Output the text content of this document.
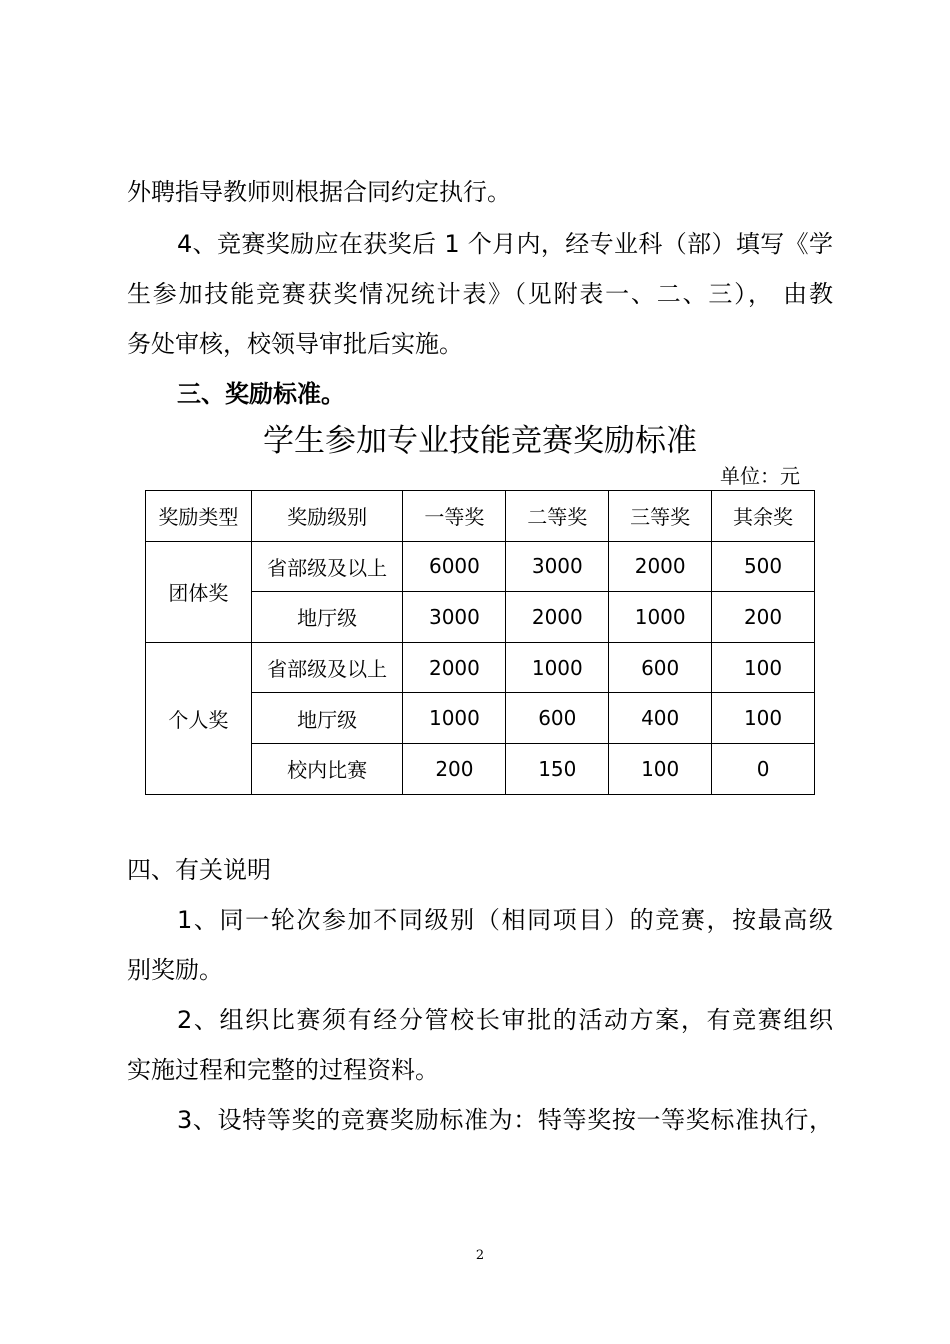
外聘指导教师则根据合同约定执行。
4、竞赛奖励应在获奖后 1 个月内，经专业科（部）填写《学
生参加技能竞赛获奖情况统计表》（见附表一、二、三）， 由教
务处审核，校领导审批后实施。
三、奖励标准。
学生参加专业技能竞赛奖励标准
单位：元
奖励类型	奖励级别	一等奖	二等奖	三等奖	其余奖
团体奖	省部级及以上	6000	3000	2000	500
	地厅级	3000	2000	1000	200
个人奖	省部级及以上	2000	1000	600	100
	地厅级	1000	600	400	100
	校内比赛	200	150	100	0
四、有关说明
1、同一轮次参加不同级别（相同项目）的竞赛，按最高级
别奖励。
2、组织比赛须有经分管校长审批的活动方案，有竞赛组织
实施过程和完整的过程资料。
3、设特等奖的竞赛奖励标准为：特等奖按一等奖标准执行，
2
